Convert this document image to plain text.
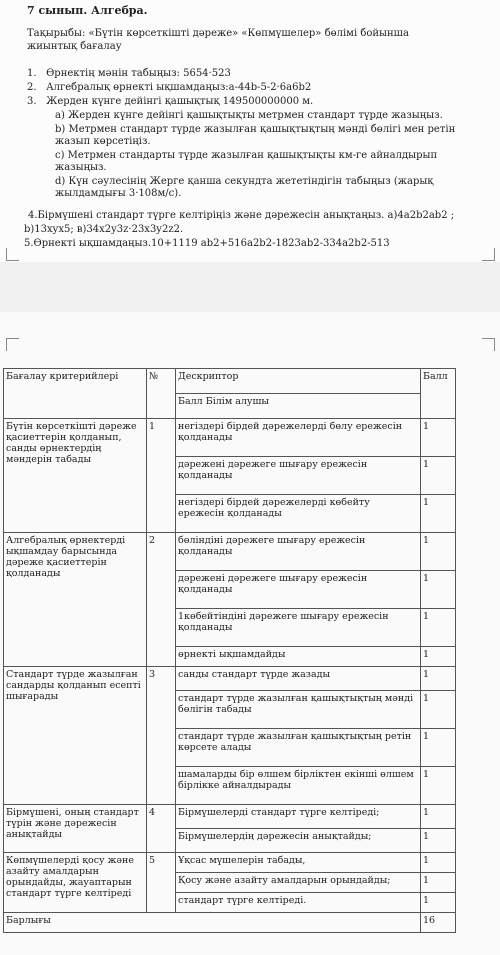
7 сынып. Алгебра.
Тақырыбы: «Бүтін көрсеткішті дәреже» «Көпмүшелер» бөлімі бойынша жиынтық бағалау
1. Өрнектің мәнін табыңыз: 5654·523
2. Алгебралық өрнекті ықшамдаңыз:a-44b-5-2·6a6b2
3. Жерден күнге дейінгі қашықтық 149500000000 м.
a) Жерден күнге дейінгі қашықтықты метрмен стандарт түрде жазыңыз.
b) Метрмен стандарт түрде жазылған қашықтықтың мәнді бөлігі мен ретін жазып көрсетіңіз.
c) Метрмен стандарты түрде жазылған қашықтықты км-ге айналдырып жазыңыз.
d) Күн сәулесінің Жерге қанша секундта жететіндігін табыңыз (жарық жылдамдығы 3·108м/с).
4.Бірмүшені стандарт түрге келтіріңіз және дәрежесін анықтаңыз. a)4a2b2ab2 ;
b)13xyx5; в)34x2y3z·23x3y2z2.
5.Өрнекті ықшамдаңыз.10+1119 ab2+516a2b2-1823ab2-334a2b2-513
Бағалау критерийлері	№	Дескриптор	Балл
		Балл Білім алушы	
Бүтін көрсеткішті дәреже қасиеттерін қолданып, санды өрнектердің мәндерін табады	1	негіздері бірдей дәрежелерді бөлу ережесін қолданады	1
		дәрежені дәрежеге шығару ережесін қолданады	1
		негіздері бірдей дәрежелерді көбейту ережесін қолданады	1
Алгебралық өрнектерді ықшамдау барысында дәреже қасиеттерін қолданады	2	бөліндіні дәрежеге шығару ережесін қолданады	1
		дәрежені дәрежеге шығару ережесін қолданады	1
		1көбейтіндіні дәрежеге шығару ережесін қолданады	1
		өрнекті ықшамдайды	1
Стандарт түрде жазылған сандарды қолданып есепті шығарады	3	санды стандарт түрде жазады	1
		стандарт түрде жазылған қашықтықтың мәнді бөлігін табады	1
		стандарт түрде жазылған қашықтықтың ретін көрсете алады	1
		шамаларды бір өлшем бірліктен екінші өлшем бірлікке айналдырады	1
Бірмүшені, оның стандарт түрін және дәрежесін анықтайды	4	Бірмүшелерді стандарт түрге келтіреді;	1
		Бірмүшелердің дәрежесін анықтайды;	1
Көпмүшелерді қосу және азайту амалдарын орындайды, жауаптарын стандарт түрге келтіреді	5	Ұқсас мүшелерін табады,	1
		Қосу және азайту амалдарын орындайды;	1
		стандарт түрге келтіреді.	1
Барлығы			16
